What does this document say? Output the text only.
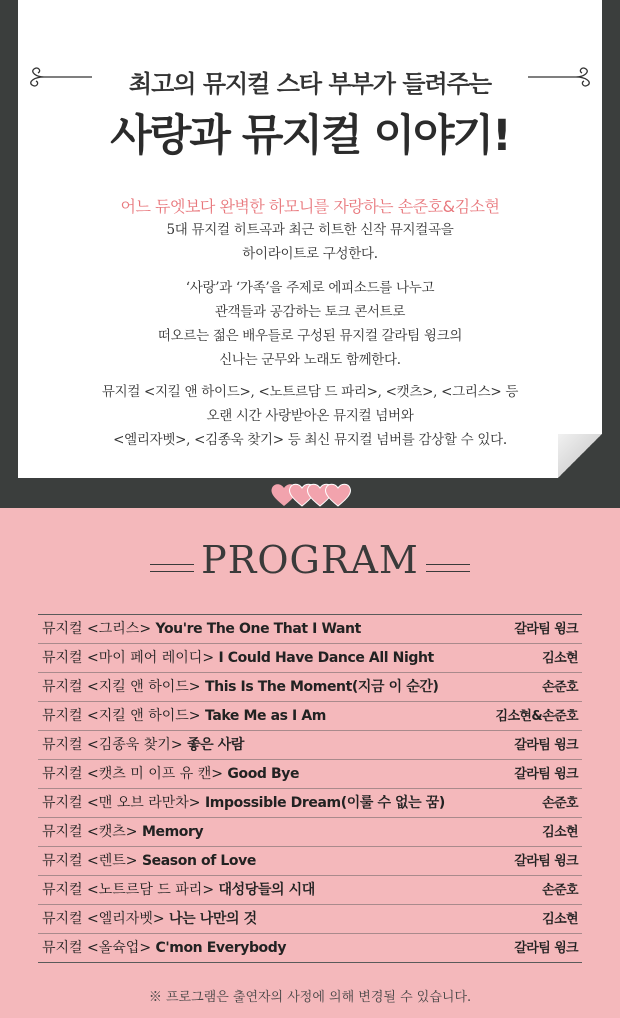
최고의 뮤지컬 스타 부부가 들려주는
사랑과 뮤지컬 이야기!
어느 듀엣보다 완벽한 하모니를 자랑하는 손준호&김소현

5대 뮤지컬 히트곡과 최근 히트한 신작 뮤지컬곡을

하이라이트로 구성한다.

‘사랑’과 ‘가족’을 주제로 에피소드를 나누고

관객들과 공감하는 토크 콘서트로

떠오르는 젊은 배우들로 구성된 뮤지컬 갈라팀 윙크의

신나는 군무와 노래도 함께한다.

뮤지컬 <지킬 앤 하이드>, <노트르담 드 파리>, <캣츠>, <그리스> 등

오랜 시간 사랑받아온 뮤지컬 넘버와

<엘리자벳>, <김종욱 찾기> 등 최신 뮤지컬 넘버를 감상할 수 있다.

PROGRAM
뮤지컬 <그리스> You're The One That I Want	갈라팀 윙크
뮤지컬 <마이 페어 레이디> I Could Have Dance All Night	김소현
뮤지컬 <지킬 앤 하이드> This Is The Moment(지금 이 순간)	손준호
뮤지컬 <지킬 앤 하이드> Take Me as I Am	김소현&손준호
뮤지컬 <김종욱 찾기> 좋은 사람	갈라팀 윙크
뮤지컬 <캣츠 미 이프 유 캔> Good Bye	갈라팀 윙크
뮤지컬 <맨 오브 라만차> Impossible Dream(이룰 수 없는 꿈)	손준호
뮤지컬 <캣츠> Memory	김소현
뮤지컬 <렌트> Season of Love	갈라팀 윙크
뮤지컬 <노트르담 드 파리> 대성당들의 시대	손준호
뮤지컬 <엘리자벳> 나는 나만의 것	김소현
뮤지컬 <올슉업> C'mon Everybody	갈라팀 윙크
※ 프로그램은 출연자의 사정에 의해 변경될 수 있습니다.
